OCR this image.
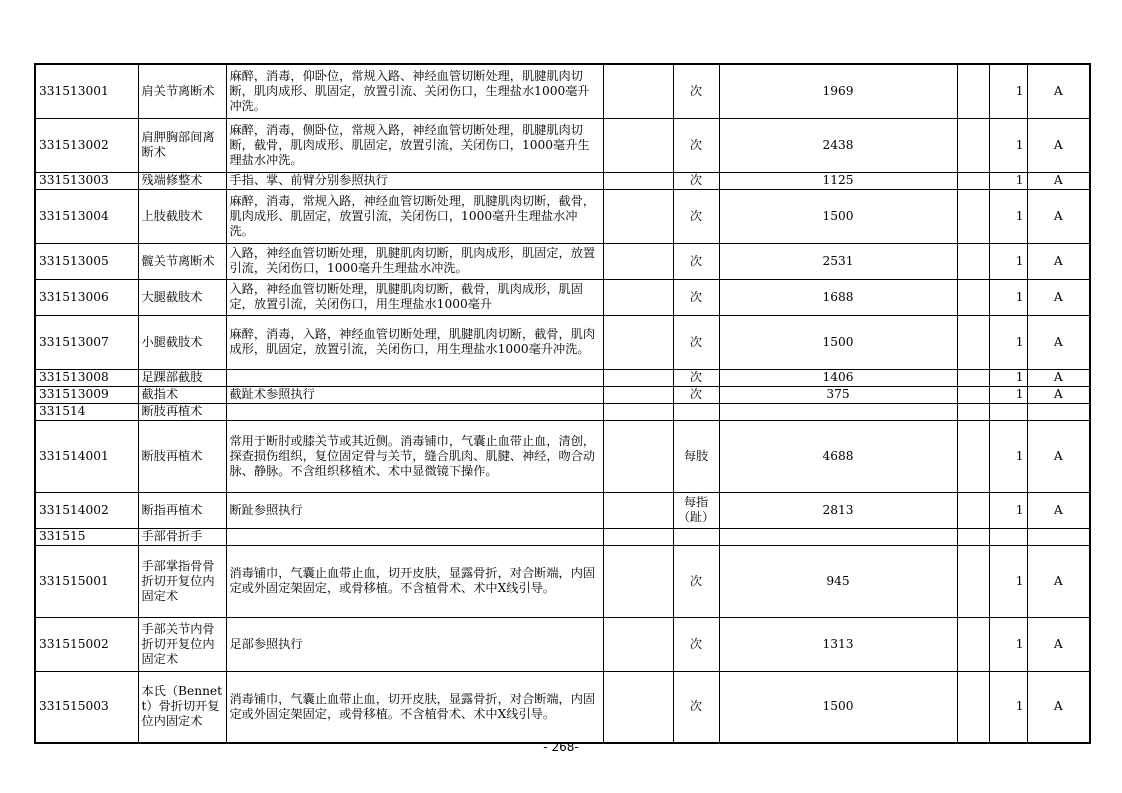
331513001	肩关节离断术	麻醉，消毒，仰卧位，常规入路、神经血管切断处理，肌腱肌肉切断，肌肉成形、肌固定，放置引流、关闭伤口，生理盐水1000毫升冲洗。		次	1969		1	A
331513002	肩胛胸部间离断术	麻醉，消毒，侧卧位，常规入路，神经血管切断处理，肌腱肌肉切断，截骨，肌肉成形、肌固定，放置引流，关闭伤口，1000毫升生理盐水冲洗。		次	2438		1	A
331513003	残端修整术	手指、掌、前臂分别参照执行		次	1125		1	A
331513004	上肢截肢术	麻醉，消毒，常规入路，神经血管切断处理，肌腱肌肉切断，截骨，肌肉成形、肌固定，放置引流，关闭伤口，1000毫升生理盐水冲洗。		次	1500		1	A
331513005	髋关节离断术	入路，神经血管切断处理，肌腱肌肉切断，肌肉成形，肌固定，放置引流，关闭伤口，1000毫升生理盐水冲洗。		次	2531		1	A
331513006	大腿截肢术	入路，神经血管切断处理，肌腱肌肉切断，截骨，肌肉成形，肌固定，放置引流，关闭伤口，用生理盐水1000毫升		次	1688		1	A
331513007	小腿截肢术	麻醉，消毒，入路，神经血管切断处理，肌腱肌肉切断，截骨，肌肉成形，肌固定，放置引流，关闭伤口，用生理盐水1000毫升冲洗。		次	1500		1	A
331513008	足踝部截肢			次	1406		1	A
331513009	截指术	截趾术参照执行		次	375		1	A
331514	断肢再植术							
331514001	断肢再植术	常用于断肘或膝关节或其近侧。消毒铺巾，气囊止血带止血，清创，探查损伤组织，复位固定骨与关节，缝合肌肉、肌腱、神经，吻合动脉、静脉。不含组织移植术、术中显微镜下操作。		每肢	4688		1	A
331514002	断指再植术	断趾参照执行		每指（趾）	2813		1	A
331515	手部骨折手							
331515001	手部掌指骨骨折切开复位内固定术	消毒铺巾，气囊止血带止血，切开皮肤，显露骨折，对合断端，内固定或外固定架固定，或骨移植。不含植骨术、术中X线引导。		次	945		1	A
331515002	手部关节内骨折切开复位内固定术	足部参照执行		次	1313		1	A
331515003	本氏（Bennett）骨折切开复位内固定术	消毒铺巾，气囊止血带止血，切开皮肤，显露骨折，对合断端，内固定或外固定架固定，或骨移植。不含植骨术、术中X线引导。		次	1500		1	A
- 268-
